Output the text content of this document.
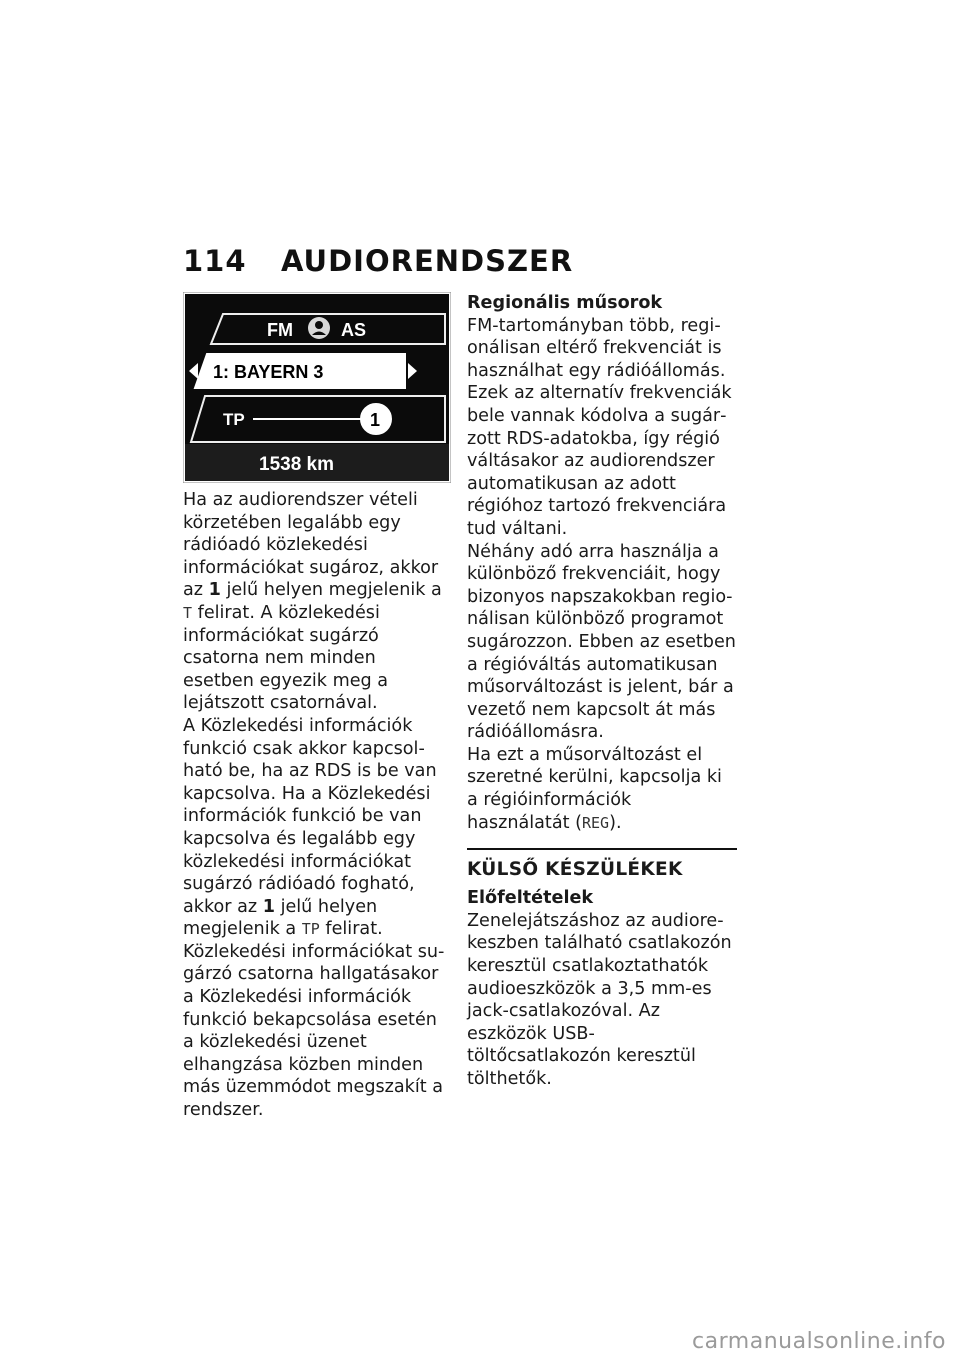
114 AUDIORENDSZER
FM	AS
1: BAYERN 3
TP	1
1538 km

Ha az audiorendszer vételi körzetében legalább egy rádióadó közlekedési információkat sugároz, akkor az 1 jelű helyen megjelenik a T felirat. A közlekedési információkat sugárzó csatorna nem minden esetben egyezik meg a lejátszott csatornával.

A Közlekedési információk funkció csak akkor kapcsolható be, ha az RDS is be van kapcsolva. Ha a Közlekedési információk funkció be van kapcsolva és legalább egy közlekedési információkat sugárzó rádióadó fogható, akkor az 1 jelű helyen megjelenik a TP felirat.

Közlekedési információkat sugárzó csatorna hallgatásakor a Közlekedési információk funkció bekapcsolása esetén a közlekedési üzenet elhangzása közben minden más üzemmódot megszakít a rendszer.

Regionális műsorok

FM-tartományban több, regionálisan eltérő frekvenciát is használhat egy rádióállomás. Ezek az alternatív frekvenciák bele vannak kódolva a sugárzott RDS-adatokba, így régió váltásakor az audiorendszer automatikusan az adott régióhoz tartozó frekvenciára tud váltani.

Néhány adó arra használja a különböző frekvenciáit, hogy bizonyos napszakokban regionálisan különböző programot sugározzon. Ebben az esetben a régióváltás automatikusan műsorváltozást is jelent, bár a vezető nem kapcsolt át más rádióállomásra.

Ha ezt a műsorváltozást el szeretné kerülni, kapcsolja ki a régióinformációk használatát (REG).

KÜLSŐ KÉSZÜLÉKEK
Előfeltételek

Zenelejátszáshoz az audiorekeszben található csatlakozón keresztül csatlakoztathatók audioeszközök a 3,5 mm-es jack-csatlakozóval. Az eszközök USB-töltőcsatlakozón keresztül tölthetők.

carmanualsonline.info
